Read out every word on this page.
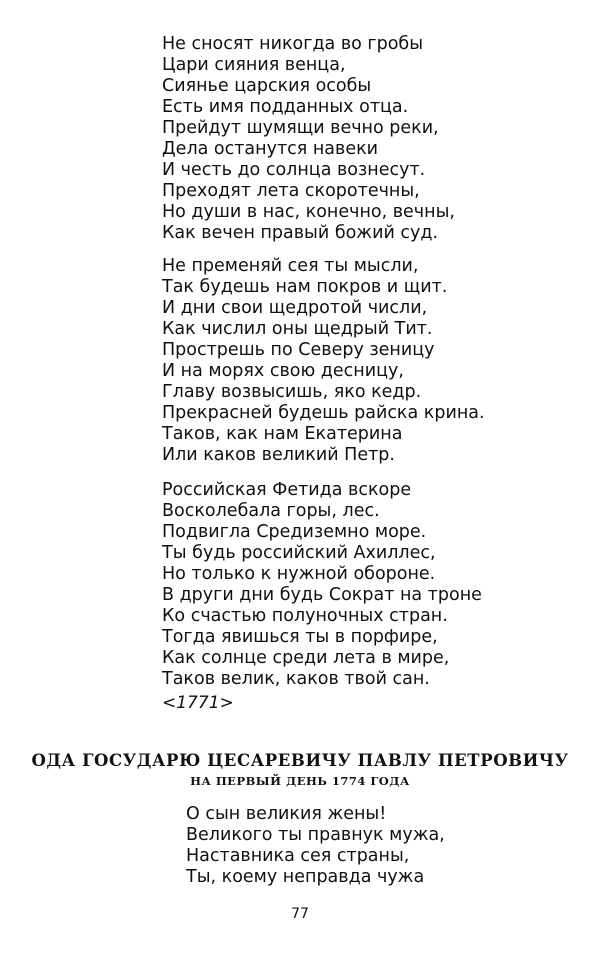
Не сносят никогда во гробы
Цари сияния венца,
Сиянье царския особы
Есть имя подданных отца.
Прейдут шумящи вечно реки,
Дела останутся навеки
И честь до солнца вознесут.
Преходят лета скоротечны,
Но души в нас, конечно, вечны,
Как вечен правый божий суд.
Не пременяй сея ты мысли,
Так будешь нам покров и щит.
И дни свои щедротой числи,
Как числил оны щедрый Тит.
Прострешь по Северу зеницу
И на морях свою десницу,
Главу возвысишь, яко кедр.
Прекрасней будешь райска крина.
Таков, как нам Екатерина
Или каков великий Петр.
Российская Фетида вскоре
Восколебала горы, лес.
Подвигла Средиземно море.
Ты будь российский Ахиллес,
Но только к нужной обороне.
В други дни будь Сократ на троне
Ко счастью полуночных стран.
Тогда явишься ты в порфире,
Как солнце среди лета в мире,
Таков велик, каков твой сан.
<1771>
ОДА ГОСУДАРЮ ЦЕСАРЕВИЧУ ПАВЛУ ПЕТРОВИЧУ
НА ПЕРВЫЙ ДЕНЬ 1774 ГОДА
О сын великия жены!
Великого ты правнук мужа,
Наставника сея страны,
Ты, коему неправда чужа
77
